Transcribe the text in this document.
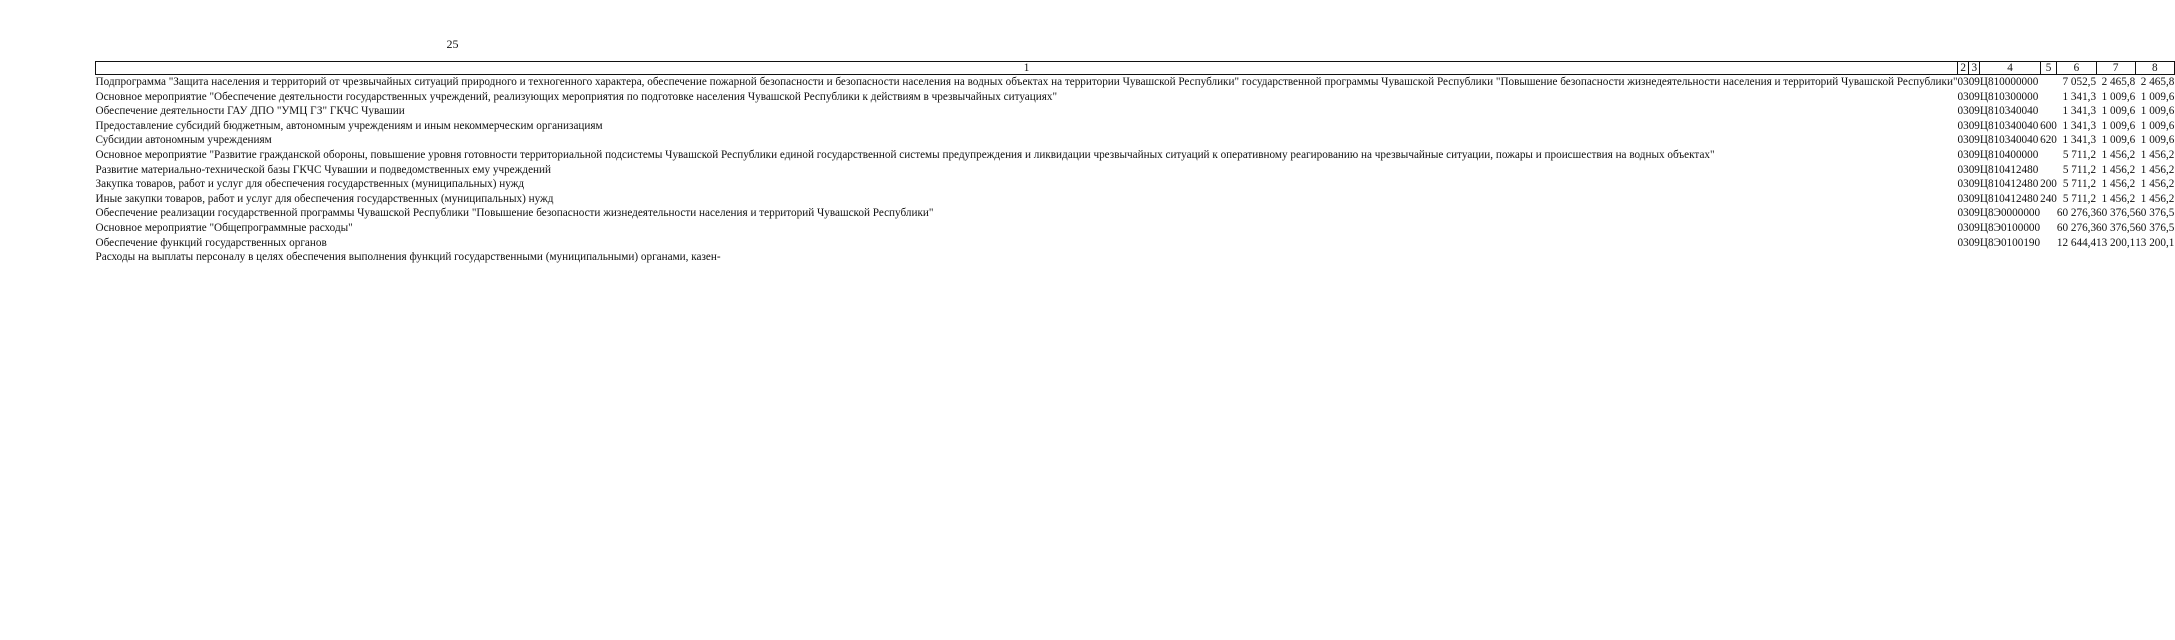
25
1	2	3	4	5	6	7	8
Подпрограмма "Защита населения и территорий от чрезвычайных ситуаций природного и техногенного характера, обеспечение пожарной безопасности и безопасности населения на водных объектах на территории Чувашской Республики" государственной программы Чувашской Республики "Повышение безопасности жизнедеятельности населения и территорий Чувашской Республики"	03	09	Ц810000000		7 052,5	2 465,8	2 465,8
Основное мероприятие "Обеспечение деятельности государственных учреждений, реализующих мероприятия по подготовке населения Чувашской Республики к действиям в чрезвычайных ситуациях"	03	09	Ц810300000		1 341,3	1 009,6	1 009,6
Обеспечение деятельности ГАУ ДПО "УМЦ ГЗ" ГКЧС Чувашии	03	09	Ц810340040		1 341,3	1 009,6	1 009,6
Предоставление субсидий бюджетным, автономным учреждениям и иным некоммерческим организациям	03	09	Ц810340040	600	1 341,3	1 009,6	1 009,6
Субсидии автономным учреждениям	03	09	Ц810340040	620	1 341,3	1 009,6	1 009,6
Основное мероприятие "Развитие гражданской обороны, повышение уровня готовности территориальной подсистемы Чувашской Республики единой государственной системы предупреждения и ликвидации чрезвычайных ситуаций к оперативному реагированию на чрезвычайные ситуации, пожары и происшествия на водных объектах"	03	09	Ц810400000		5 711,2	1 456,2	1 456,2
Развитие материально-технической базы ГКЧС Чувашии и подведомственных ему учреждений	03	09	Ц810412480		5 711,2	1 456,2	1 456,2
Закупка товаров, работ и услуг для обеспечения государственных (муниципальных) нужд	03	09	Ц810412480	200	5 711,2	1 456,2	1 456,2
Иные закупки товаров, работ и услуг для обеспечения государственных (муниципальных) нужд	03	09	Ц810412480	240	5 711,2	1 456,2	1 456,2
Обеспечение реализации государственной программы Чувашской Республики "Повышение безопасности жизнедеятельности населения и территорий Чувашской Республики"	03	09	Ц8Э0000000		60 276,3	60 376,5	60 376,5
Основное мероприятие "Общепрограммные расходы"	03	09	Ц8Э0100000		60 276,3	60 376,5	60 376,5
Обеспечение функций государственных органов	03	09	Ц8Э0100190		12 644,4	13 200,1	13 200,1
Расходы на выплаты персоналу в целях обеспечения выполнения функций государственными (муниципальными) органами, казен-							
